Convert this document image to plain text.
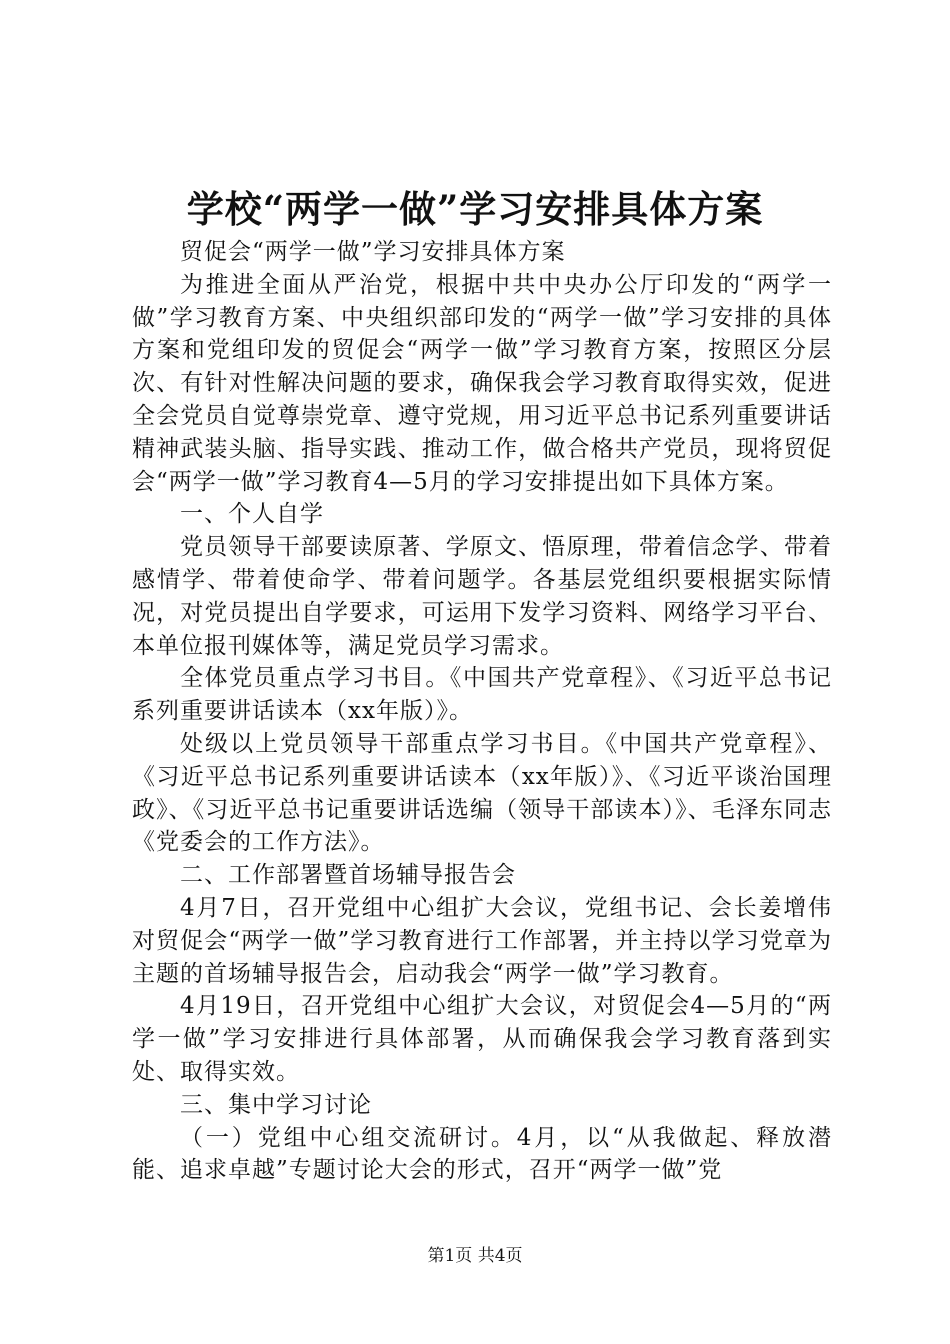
学校“两学一做”学习安排具体方案

贸促会“两学一做”学习安排具体方案

为推进全面从严治党，根据中共中央办公厅印发的“两学一做”学习教育方案、中央组织部印发的“两学一做”学习安排的具体方案和党组印发的贸促会“两学一做”学习教育方案，按照区分层次、有针对性解决问题的要求，确保我会学习教育取得实效，促进全会党员自觉尊崇党章、遵守党规，用习近平总书记系列重要讲话精神武装头脑、指导实践、推动工作，做合格共产党员，现将贸促会“两学一做”学习教育4—5月的学习安排提出如下具体方案。

一、个人自学

党员领导干部要读原著、学原文、悟原理，带着信念学、带着感情学、带着使命学、带着问题学。各基层党组织要根据实际情况，对党员提出自学要求，可运用下发学习资料、网络学习平台、本单位报刊媒体等，满足党员学习需求。

全体党员重点学习书目。《中国共产党章程》、《习近平总书记系列重要讲话读本（xx年版）》。

处级以上党员领导干部重点学习书目。《中国共产党章程》、《习近平总书记系列重要讲话读本（xx年版）》、《习近平谈治国理政》、《习近平总书记重要讲话选编（领导干部读本）》、毛泽东同志《党委会的工作方法》。

二、工作部署暨首场辅导报告会

4月7日，召开党组中心组扩大会议，党组书记、会长姜增伟对贸促会“两学一做”学习教育进行工作部署，并主持以学习党章为主题的首场辅导报告会，启动我会“两学一做”学习教育。

4月19日，召开党组中心组扩大会议，对贸促会4—5月的“两学一做”学习安排进行具体部署，从而确保我会学习教育落到实处、取得实效。

三、集中学习讨论

（一）党组中心组交流研讨。4月，以“从我做起、释放潜能、追求卓越”专题讨论大会的形式，召开“两学一做”党

第1页 共4页
